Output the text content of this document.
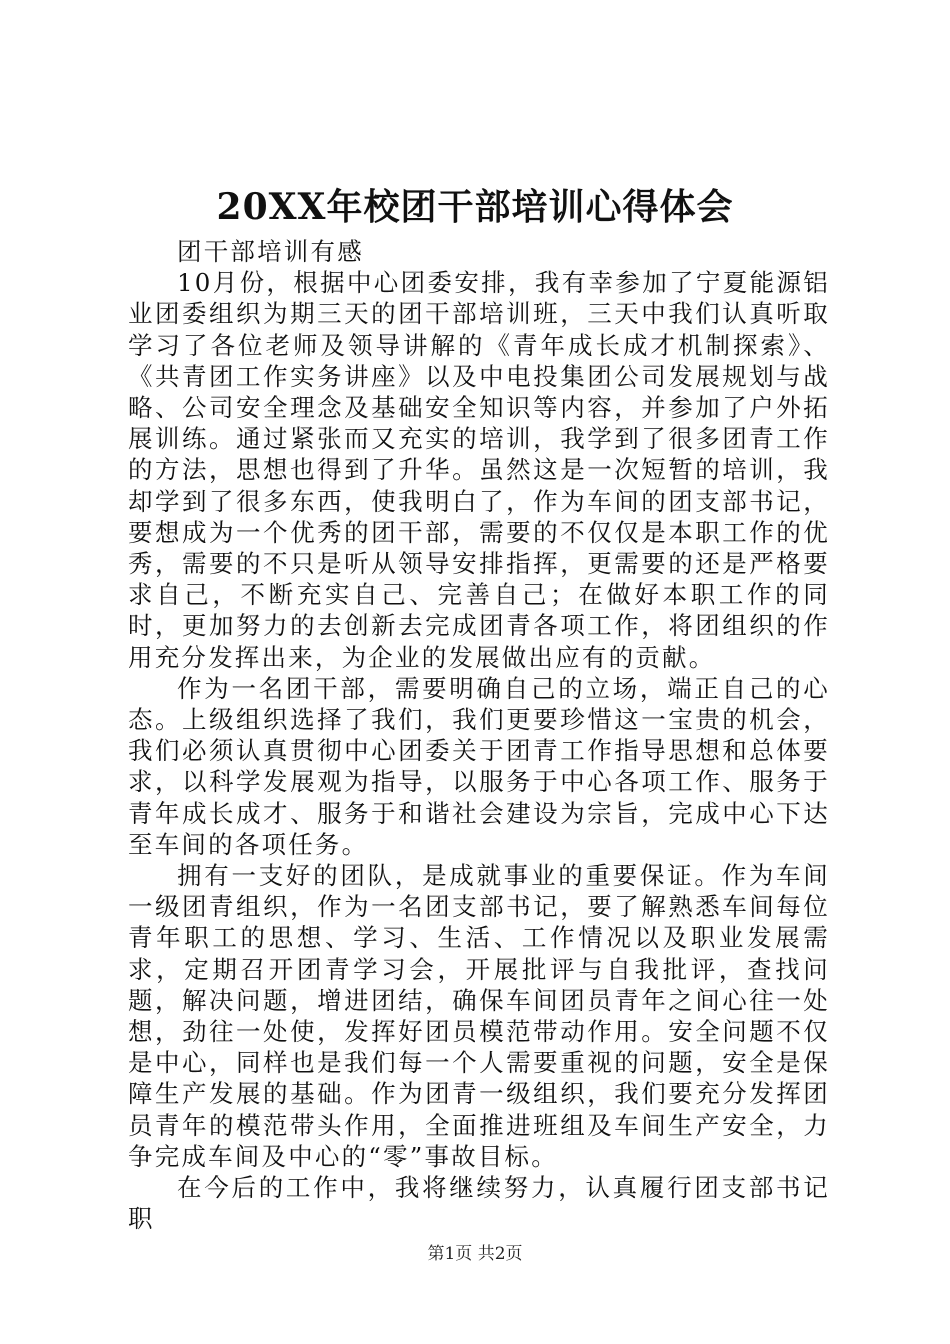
20XX年校团干部培训心得体会

团干部培训有感

10月份，根据中心团委安排，我有幸参加了宁夏能源铝业团委组织为期三天的团干部培训班，三天中我们认真听取学习了各位老师及领导讲解的《青年成长成才机制探索》、《共青团工作实务讲座》以及中电投集团公司发展规划与战略、公司安全理念及基础安全知识等内容，并参加了户外拓展训练。通过紧张而又充实的培训，我学到了很多团青工作的方法，思想也得到了升华。虽然这是一次短暂的培训，我却学到了很多东西，使我明白了，作为车间的团支部书记，要想成为一个优秀的团干部，需要的不仅仅是本职工作的优秀，需要的不只是听从领导安排指挥，更需要的还是严格要求自己，不断充实自己、完善自己；在做好本职工作的同时，更加努力的去创新去完成团青各项工作，将团组织的作用充分发挥出来，为企业的发展做出应有的贡献。

作为一名团干部，需要明确自己的立场，端正自己的心态。上级组织选择了我们，我们更要珍惜这一宝贵的机会，我们必须认真贯彻中心团委关于团青工作指导思想和总体要求，以科学发展观为指导，以服务于中心各项工作、服务于青年成长成才、服务于和谐社会建设为宗旨，完成中心下达至车间的各项任务。

拥有一支好的团队，是成就事业的重要保证。作为车间一级团青组织，作为一名团支部书记，要了解熟悉车间每位青年职工的思想、学习、生活、工作情况以及职业发展需求，定期召开团青学习会，开展批评与自我批评，查找问题，解决问题，增进团结，确保车间团员青年之间心往一处想，劲往一处使，发挥好团员模范带动作用。安全问题不仅是中心，同样也是我们每一个人需要重视的问题，安全是保障生产发展的基础。作为团青一级组织，我们要充分发挥团员青年的模范带头作用，全面推进班组及车间生产安全，力争完成车间及中心的“零”事故目标。

在今后的工作中，我将继续努力，认真履行团支部书记职

第1页 共2页
